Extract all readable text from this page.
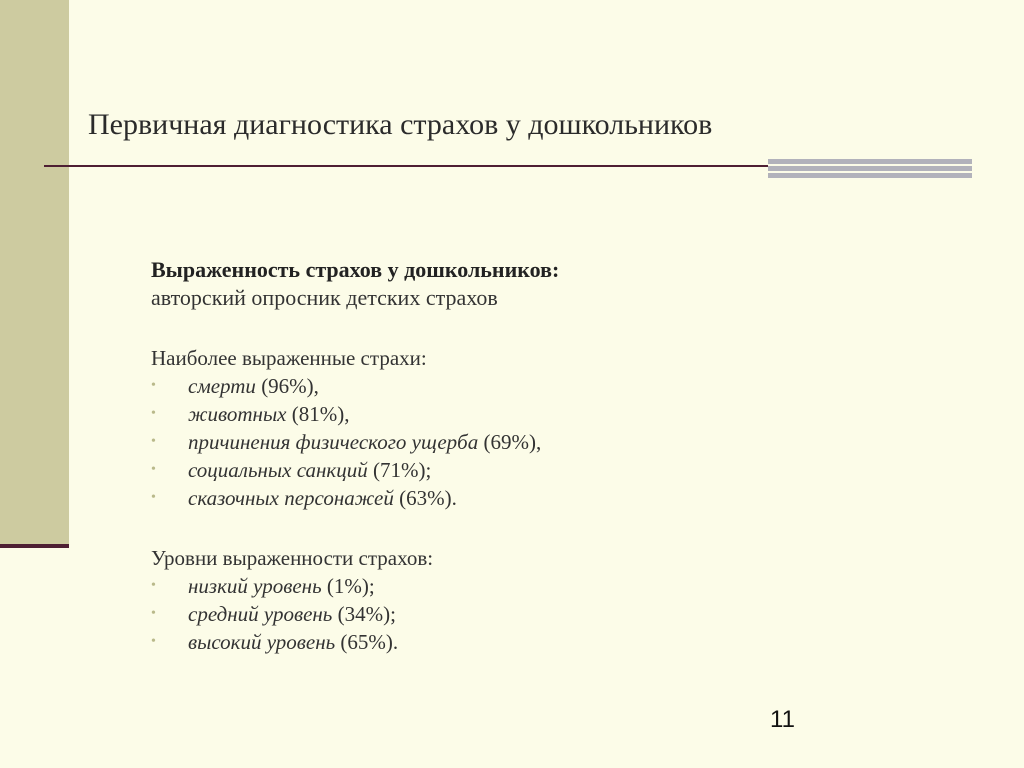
Первичная диагностика страхов у дошкольников
Выраженность страхов у дошкольников:
авторский опросник детских страхов
Наиболее выраженные страхи:
• смерти (96%),
• животных (81%),
• причинения физического ущерба (69%),
• социальных санкций (71%);
• сказочных персонажей (63%).
Уровни выраженности страхов:
• низкий уровень (1%);
• средний уровень (34%);
• высокий уровень (65%).
11
